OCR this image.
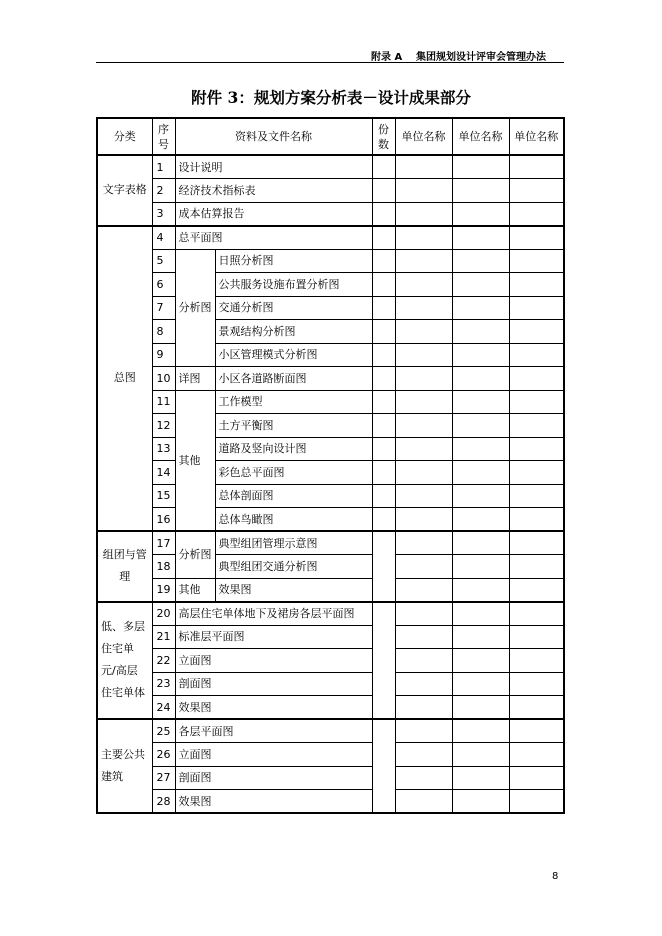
附录 A 集团规划设计评审会管理办法
附件 3：规划方案分析表－设计成果部分
分类	序号	资料及文件名称		份数	单位名称	单位名称	单位名称
文字表格	1	设计说明					
	2	经济技术指标表					
	3	成本估算报告					
总图	4	总平面图					
	5	分析图	日照分析图				
	6		公共服务设施布置分析图				
	7		交通分析图				
	8		景观结构分析图				
	9		小区管理模式分析图				
	10	详图	小区各道路断面图				
	11	其他	工作模型				
	12		土方平衡图				
	13		道路及竖向设计图				
	14		彩色总平面图				
	15		总体剖面图				
	16		总体鸟瞰图				
组团与管理	17	分析图	典型组团管理示意图				
	18		典型组团交通分析图				
	19	其他	效果图				
低、多层住宅单元/高层住宅单体	20	高层住宅单体地下及裙房各层平面图					
	21	标准层平面图					
	22	立面图					
	23	剖面图					
	24	效果图					
主要公共建筑	25	各层平面图					
	26	立面图					
	27	剖面图					
	28	效果图					
8
